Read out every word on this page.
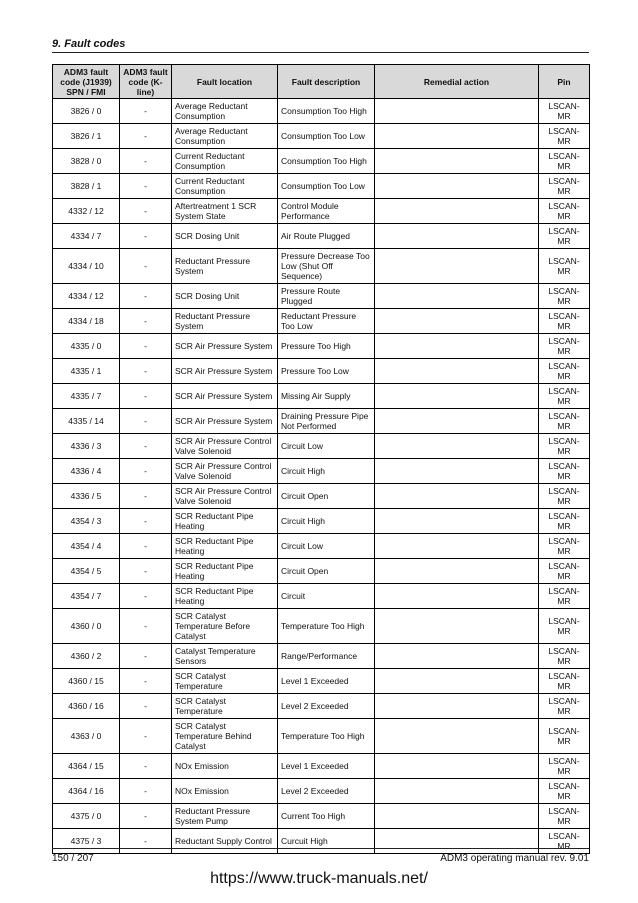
9. Fault codes
ADM3 fault code (J1939) SPN / FMI	ADM3 fault code (K-line)	Fault location	Fault description	Remedial action	Pin
3826 / 0	-	Average Reductant Consumption	Consumption Too High		LSCAN-MR
3826 / 1	-	Average Reductant Consumption	Consumption Too Low		LSCAN-MR
3828 / 0	-	Current Reductant Consumption	Consumption Too High		LSCAN-MR
3828 / 1	-	Current Reductant Consumption	Consumption Too Low		LSCAN-MR
4332 / 12	-	Aftertreatment 1 SCR System State	Control Module Performance		LSCAN-MR
4334 / 7	-	SCR Dosing Unit	Air Route Plugged		LSCAN-MR
4334 / 10	-	Reductant Pressure System	Pressure Decrease Too Low (Shut Off Sequence)		LSCAN-MR
4334 / 12	-	SCR Dosing Unit	Pressure Route Plugged		LSCAN-MR
4334 / 18	-	Reductant Pressure System	Reductant Pressure Too Low		LSCAN-MR
4335 / 0	-	SCR Air Pressure System	Pressure Too High		LSCAN-MR
4335 / 1	-	SCR Air Pressure System	Pressure Too Low		LSCAN-MR
4335 / 7	-	SCR Air Pressure System	Missing Air Supply		LSCAN-MR
4335 / 14	-	SCR Air Pressure System	Draining Pressure Pipe Not Performed		LSCAN-MR
4336 / 3	-	SCR Air Pressure Control Valve Solenoid	Circuit Low		LSCAN-MR
4336 / 4	-	SCR Air Pressure Control Valve Solenoid	Circuit High		LSCAN-MR
4336 / 5	-	SCR Air Pressure Control Valve Solenoid	Circuit Open		LSCAN-MR
4354 / 3	-	SCR Reductant Pipe Heating	Circuit High		LSCAN-MR
4354 / 4	-	SCR Reductant Pipe Heating	Circuit Low		LSCAN-MR
4354 / 5	-	SCR Reductant Pipe Heating	Circuit Open		LSCAN-MR
4354 / 7	-	SCR Reductant Pipe Heating	Circuit		LSCAN-MR
4360 / 0	-	SCR Catalyst Temperature Before Catalyst	Temperature Too High		LSCAN-MR
4360 / 2	-	Catalyst Temperature Sensors	Range/Performance		LSCAN-MR
4360 / 15	-	SCR Catalyst Temperature	Level 1 Exceeded		LSCAN-MR
4360 / 16	-	SCR Catalyst Temperature	Level 2 Exceeded		LSCAN-MR
4363 / 0	-	SCR Catalyst Temperature Behind Catalyst	Temperature Too High		LSCAN-MR
4364 / 15	-	NOx Emission	Level 1 Exceeded		LSCAN-MR
4364 / 16	-	NOx Emission	Level 2 Exceeded		LSCAN-MR
4375 / 0	-	Reductant Pressure System Pump	Current Too High		LSCAN-MR
4375 / 3	-	Reductant Supply Control	Curcuit High		LSCAN-MR
150 / 207	ADM3 operating manual rev. 9.01
https://www.truck-manuals.net/
